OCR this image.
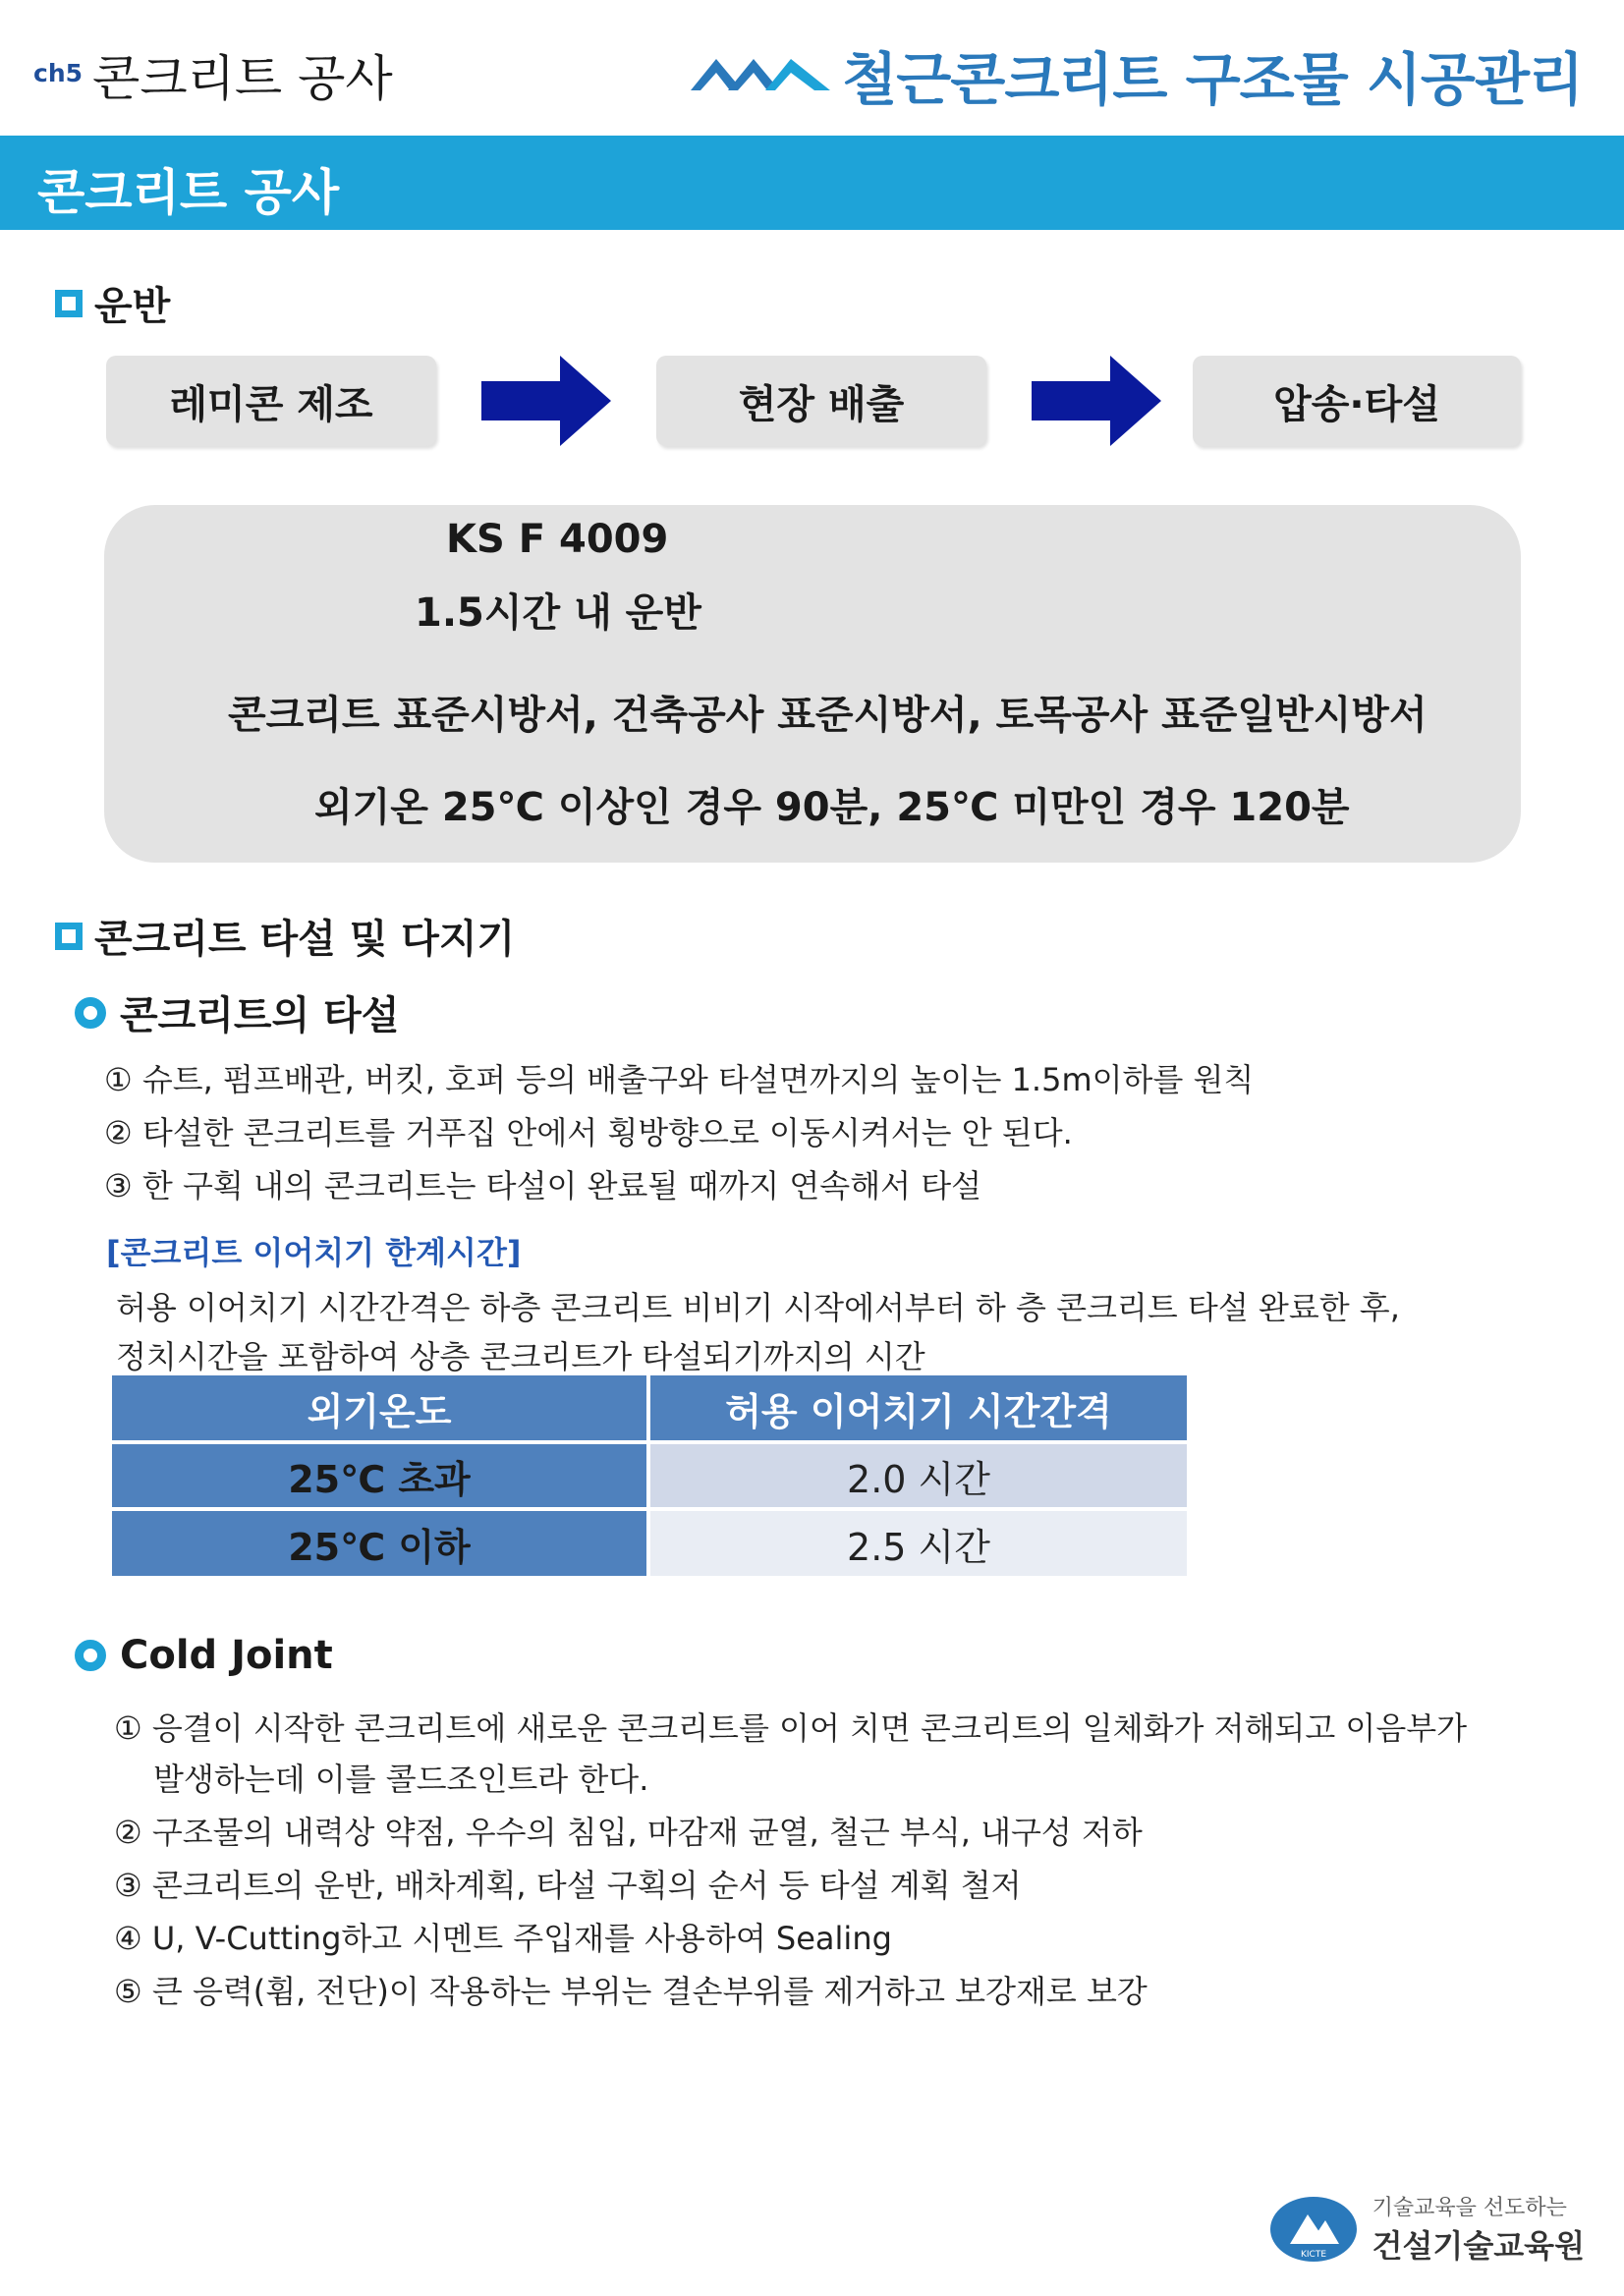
ch5 콘크리트 공사	철근콘크리트 구조물 시공관리
콘크리트 공사
운반
레미콘 제조	현장 배출	압송·타설
KS F 4009
1.5시간 내 운반
콘크리트 표준시방서, 건축공사 표준시방서, 토목공사 표준일반시방서
외기온 25℃ 이상인 경우 90분, 25℃ 미만인 경우 120분
콘크리트 타설 및 다지기
콘크리트의 타설
① 슈트, 펌프배관, 버킷, 호퍼 등의 배출구와 타설면까지의 높이는 1.5m이하를 원칙
② 타설한 콘크리트를 거푸집 안에서 횡방향으로 이동시켜서는 안 된다.
③ 한 구획 내의 콘크리트는 타설이 완료될 때까지 연속해서 타설
[콘크리트 이어치기 한계시간]
허용 이어치기 시간간격은 하층 콘크리트 비비기 시작에서부터 하 층 콘크리트 타설 완료한 후,
정치시간을 포함하여 상층 콘크리트가 타설되기까지의 시간
외기온도	허용 이어치기 시간간격
25℃ 초과	2.0 시간
25℃ 이하	2.5 시간
Cold Joint
① 응결이 시작한 콘크리트에 새로운 콘크리트를 이어 치면 콘크리트의 일체화가 저해되고 이음부가
발생하는데 이를 콜드조인트라 한다.
② 구조물의 내력상 약점, 우수의 침입, 마감재 균열, 철근 부식, 내구성 저하
③ 콘크리트의 운반, 배차계획, 타설 구획의 순서 등 타설 계획 철저
④ U, V-Cutting하고 시멘트 주입재를 사용하여 Sealing
⑤ 큰 응력(휨, 전단)이 작용하는 부위는 결손부위를 제거하고 보강재로 보강
KICTE
기술교육을 선도하는
건설기술교육원
